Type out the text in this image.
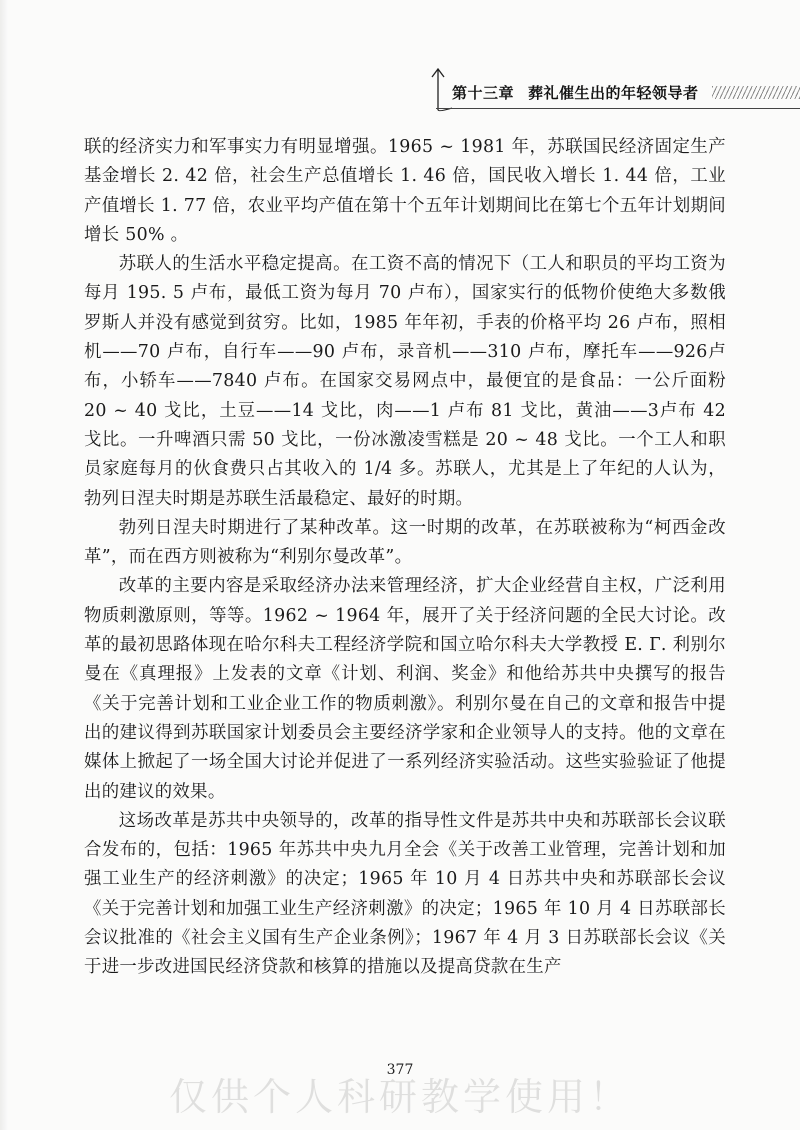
第十三章 葬礼催生出的年轻领导者

联的经济实力和军事实力有明显增强。1965 ~ 1981 年，苏联国民经济固定生产基金增长 2. 42 倍，社会生产总值增长 1. 46 倍，国民收入增长 1. 44 倍，工业产值增长 1. 77 倍，农业平均产值在第十个五年计划期间比在第七个五年计划期间增长 50% 。

苏联人的生活水平稳定提高。在工资不高的情况下（工人和职员的平均工资为每月 195. 5 卢布，最低工资为每月 70 卢布），国家实行的低物价使绝大多数俄罗斯人并没有感觉到贫穷。比如，1985 年年初，手表的价格平均 26 卢布，照相机——70 卢布，自行车——90 卢布，录音机——310 卢布，摩托车——926卢布，小轿车——7840 卢布。在国家交易网点中，最便宜的是食品：一公斤面粉 20 ~ 40 戈比，土豆——14 戈比，肉——1 卢布 81 戈比，黄油——3卢布 42 戈比。一升啤酒只需 50 戈比，一份冰激凌雪糕是 20 ~ 48 戈比。一个工人和职员家庭每月的伙食费只占其收入的 1/4 多。苏联人，尤其是上了年纪的人认为，勃列日涅夫时期是苏联生活最稳定、最好的时期。

勃列日涅夫时期进行了某种改革。这一时期的改革，在苏联被称为“柯西金改革”，而在西方则被称为“利别尔曼改革”。

改革的主要内容是采取经济办法来管理经济，扩大企业经营自主权，广泛利用物质刺激原则，等等。1962 ~ 1964 年，展开了关于经济问题的全民大讨论。改革的最初思路体现在哈尔科夫工程经济学院和国立哈尔科夫大学教授 E. Г. 利别尔曼在《真理报》上发表的文章《计划、利润、奖金》和他给苏共中央撰写的报告《关于完善计划和工业企业工作的物质刺激》。利别尔曼在自己的文章和报告中提出的建议得到苏联国家计划委员会主要经济学家和企业领导人的支持。他的文章在媒体上掀起了一场全国大讨论并促进了一系列经济实验活动。这些实验验证了他提出的建议的效果。

这场改革是苏共中央领导的，改革的指导性文件是苏共中央和苏联部长会议联合发布的，包括：1965 年苏共中央九月全会《关于改善工业管理，完善计划和加强工业生产的经济刺激》的决定；1965 年 10 月 4 日苏共中央和苏联部长会议《关于完善计划和加强工业生产经济刺激》的决定；1965 年 10 月 4 日苏联部长会议批准的《社会主义国有生产企业条例》；1967 年 4 月 3 日苏联部长会议《关于进一步改进国民经济贷款和核算的措施以及提高贷款在生产

377
仅供个人科研教学使用！
